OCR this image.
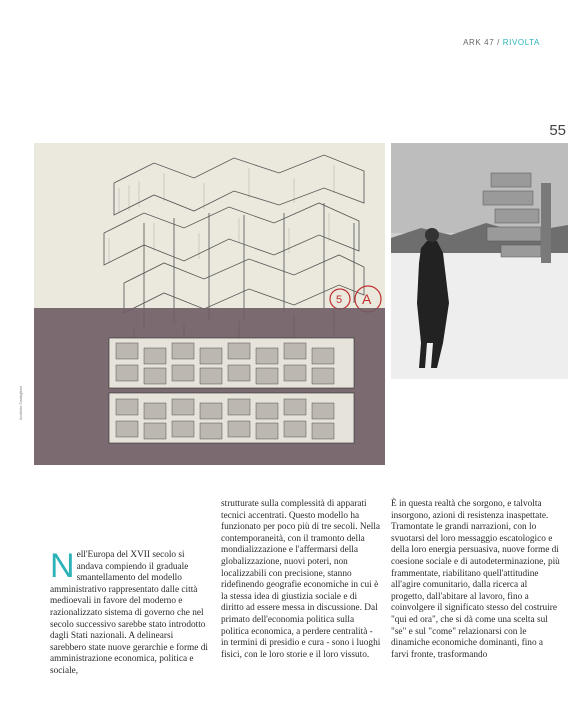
ARK 47 / RIVOLTA
55
Archivio Castiglioni
5 A

Nell'Europa del XVII secolo si andava compiendo il graduale smantellamento del modello amministrativo rappresentato dalle città medioevali in favore del moderno e razionalizzato sistema di governo che nel secolo successivo sarebbe stato introdotto dagli Stati nazionali. A delinearsi sarebbero state nuove gerarchie e forme di amministrazione economica, politica e sociale,

strutturate sulla complessità di apparati tecnici accentrati. Questo modello ha funzionato per poco più di tre secoli. Nella contemporaneità, con il tramonto della mondializzazione e l'affermarsi della globalizzazione, nuovi poteri, non localizzabili con precisione, stanno ridefinendo geografie economiche in cui è la stessa idea di giustizia sociale e di diritto ad essere messa in discussione. Dal primato dell'economia politica sulla politica economica, a perdere centralità - in termini di presidio e cura - sono i luoghi fisici, con le loro storie e il loro vissuto.

È in questa realtà che sorgono, e talvolta insorgono, azioni di resistenza inaspettate. Tramontate le grandi narrazioni, con lo svuotarsi del loro messaggio escatologico e della loro energia persuasiva, nuove forme di coesione sociale e di autodeterminazione, più frammentate, riabilitano quell'attitudine all'agire comunitario, dalla ricerca al progetto, dall'abitare al lavoro, fino a coinvolgere il significato stesso del costruire "qui ed ora", che si dà come una scelta sul "se" e sul "come" relazionarsi con le dinamiche economiche dominanti, fino a farvi fronte, trasformando
